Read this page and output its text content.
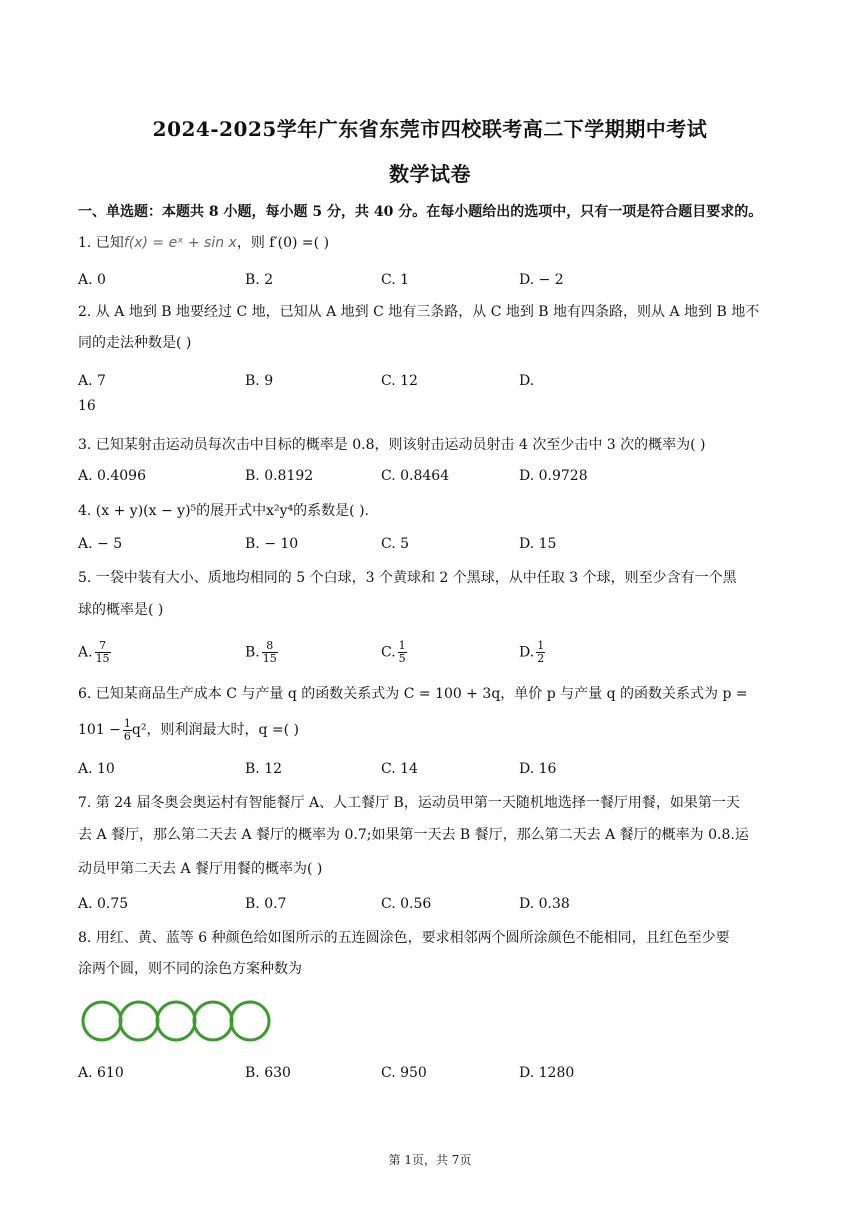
2024-2025学年广东省东莞市四校联考高二下学期期中考试
数学试卷
一、单选题：本题共 8 小题，每小题 5 分，共 40 分。在每小题给出的选项中，只有一项是符合题目要求的。
1. 已知f(x) = eˣ + sin x，则 f′(0) =( )
A. 0	B. 2	C. 1	D. − 2
2. 从 A 地到 B 地要经过 C 地，已知从 A 地到 C 地有三条路，从 C 地到 B 地有四条路，则从 A 地到 B 地不
同的走法种数是( )
A. 7	B. 9	C. 12	D.
16
3. 已知某射击运动员每次击中目标的概率是 0.8，则该射击运动员射击 4 次至少击中 3 次的概率为( )
A. 0.4096	B. 0.8192	C. 0.8464	D. 0.9728
4. (x + y)(x − y)⁵的展开式中x²y⁴的系数是( ).
A. − 5	B. − 10	C. 5	D. 15
5. 一袋中装有大小、质地均相同的 5 个白球，3 个黄球和 2 个黑球，从中任取 3 个球，则至少含有一个黑
球的概率是( )
A. $\frac{7}{15}$	B. $\frac{8}{15}$	C. $\frac{1}{5}$	D. $\frac{1}{2}$
6. 已知某商品生产成本 C 与产量 q 的函数关系式为 C = 100 + 3q，单价 p 与产量 q 的函数关系式为 p =
$101 - \frac{1}{6} q^2$，则利润最大时，q =( )
A. 10	B. 12	C. 14	D. 16
7. 第 24 届冬奥会奥运村有智能餐厅 A、人工餐厅 B，运动员甲第一天随机地选择一餐厅用餐，如果第一天
去 A 餐厅，那么第二天去 A 餐厅的概率为 0.7;如果第一天去 B 餐厅，那么第二天去 A 餐厅的概率为 0.8.运
动员甲第二天去 A 餐厅用餐的概率为( )
A. 0.75	B. 0.7	C. 0.56	D. 0.38
8. 用红、黄、蓝等 6 种颜色给如图所示的五连圆涂色，要求相邻两个圆所涂颜色不能相同，且红色至少要
涂两个圆，则不同的涂色方案种数为
A. 610	B. 630	C. 950	D. 1280
第 1页，共 7页
